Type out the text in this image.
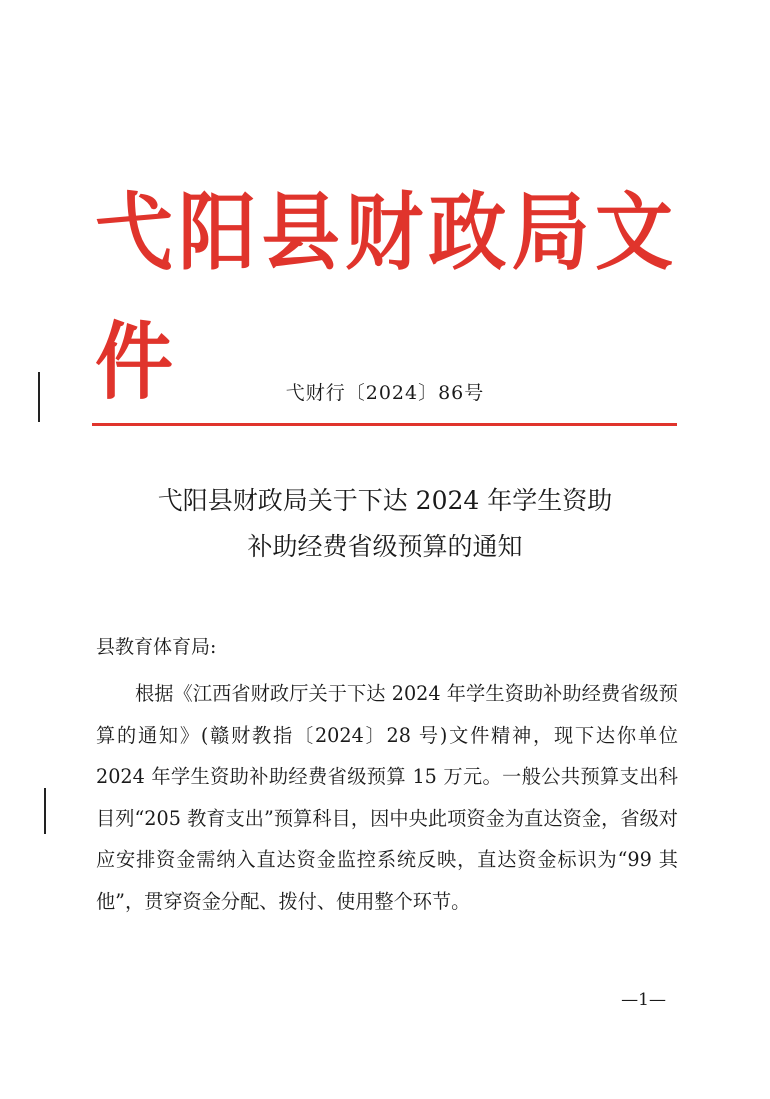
弋阳县财政局文件	弋财行〔2024〕86号
弋阳县财政局关于下达 2024 年学生资助
补助经费省级预算的通知
县教育体育局:

根据《江西省财政厅关于下达 2024 年学生资助补助经费省级预算的通知》(赣财教指〔2024〕28 号)文件精神，现下达你单位 2024 年学生资助补助经费省级预算 15 万元。一般公共预算支出科目列“205 教育支出”预算科目，因中央此项资金为直达资金，省级对应安排资金需纳入直达资金监控系统反映，直达资金标识为“99 其他”，贯穿资金分配、拨付、使用整个环节。

—1—
